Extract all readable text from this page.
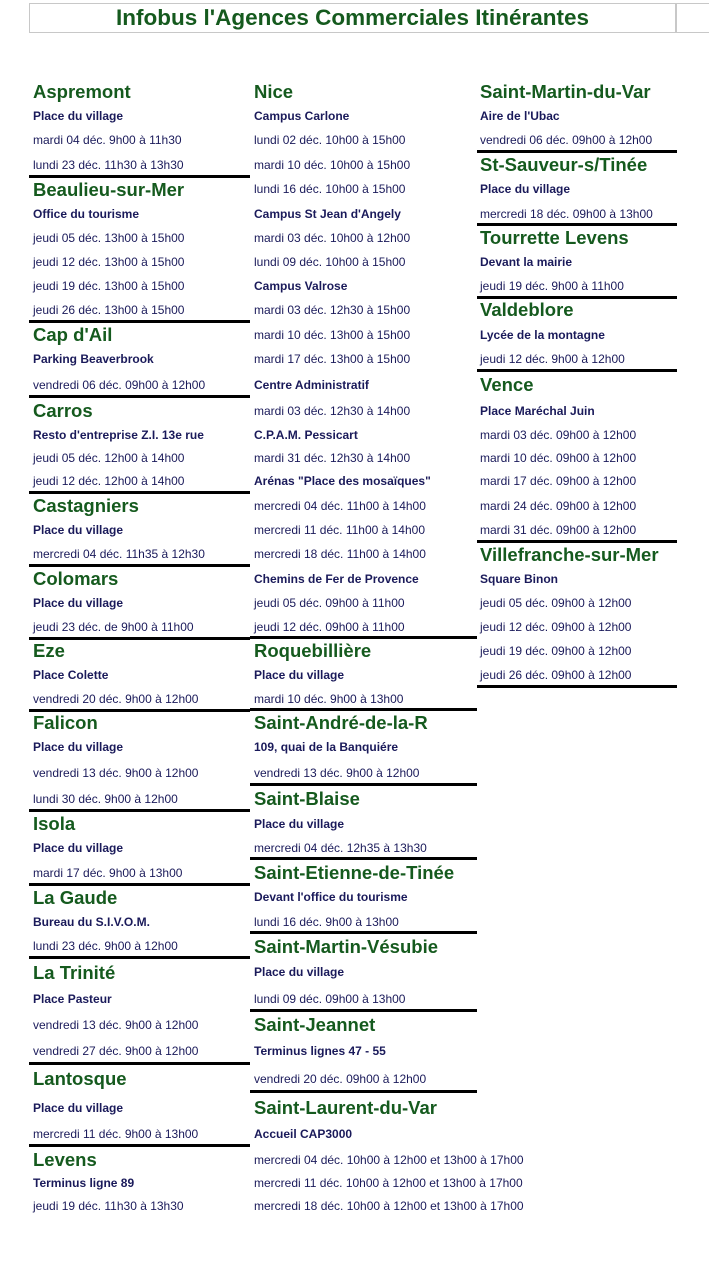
Infobus l'Agences Commerciales Itinérantes
Aspremont
Place du village
mardi 04 déc. 9h00 à 11h30
lundi 23 déc. 11h30 à 13h30
Beaulieu-sur-Mer
Office du tourisme
jeudi 05 déc. 13h00 à 15h00
jeudi 12 déc. 13h00 à 15h00
jeudi 19 déc. 13h00 à 15h00
jeudi 26 déc. 13h00 à 15h00
Cap d'Ail
Parking Beaverbrook
vendredi 06 déc. 09h00 à 12h00
Carros
Resto d'entreprise Z.I. 13e rue
jeudi 05 déc. 12h00 à 14h00
jeudi 12 déc. 12h00 à 14h00
Castagniers
Place du village
mercredi 04 déc. 11h35 à 12h30
Colomars
Place du village
jeudi 23 déc. de 9h00 à 11h00
Eze
Place Colette
vendredi 20 déc. 9h00 à 12h00
Falicon
Place du village
vendredi 13 déc. 9h00 à 12h00
lundi 30 déc. 9h00 à 12h00
Isola
Place du village
mardi 17 déc. 9h00 à 13h00
La Gaude
Bureau du S.I.V.O.M.
lundi 23 déc. 9h00 à 12h00
La Trinité
Place Pasteur
vendredi 13 déc. 9h00 à 12h00
vendredi 27 déc. 9h00 à 12h00
Lantosque
Place du village
mercredi 11 déc. 9h00 à 13h00
Levens
Terminus ligne 89
jeudi 19 déc. 11h30 à 13h30
Nice
Campus Carlone
lundi 02 déc. 10h00 à 15h00
mardi 10 déc. 10h00 à 15h00
lundi 16 déc. 10h00 à 15h00
Campus St Jean d'Angely
mardi 03 déc. 10h00 à 12h00
lundi 09 déc. 10h00 à 15h00
Campus Valrose
mardi 03 déc. 12h30 à 15h00
mardi 10 déc. 13h00 à 15h00
mardi 17 déc. 13h00 à 15h00
Centre Administratif
mardi 03 déc. 12h30 à 14h00
C.P.A.M. Pessicart
mardi 31 déc. 12h30 à 14h00
Arénas "Place des mosaïques"
mercredi 04 déc. 11h00 à 14h00
mercredi 11 déc. 11h00 à 14h00
mercredi 18 déc. 11h00 à 14h00
Chemins de Fer de Provence
jeudi 05 déc. 09h00 à 11h00
jeudi 12 déc. 09h00 à 11h00
Roquebillière
Place du village
mardi 10 déc. 9h00 à 13h00
Saint-André-de-la-R
109, quai de la Banquiére
vendredi 13 déc. 9h00 à 12h00
Saint-Blaise
Place du village
mercredi 04 déc. 12h35 à 13h30
Saint-Etienne-de-Tinée
Devant l'office du tourisme
lundi 16 déc. 9h00 à 13h00
Saint-Martin-Vésubie
Place du village
lundi 09 déc. 09h00 à 13h00
Saint-Jeannet
Terminus lignes 47 - 55
vendredi 20 déc. 09h00 à 12h00
Saint-Laurent-du-Var
Accueil CAP3000
mercredi 04 déc. 10h00 à 12h00 et 13h00 à 17h00
mercredi 11 déc. 10h00 à 12h00 et 13h00 à 17h00
mercredi 18 déc. 10h00 à 12h00 et 13h00 à 17h00
Saint-Martin-du-Var
Aire de l'Ubac
vendredi 06 déc. 09h00 à 12h00
St-Sauveur-s/Tinée
Place du village
mercredi 18 déc. 09h00 à 13h00
Tourrette Levens
Devant la mairie
jeudi 19 déc. 9h00 à 11h00
Valdeblore
Lycée de la montagne
jeudi 12 déc. 9h00 à 12h00
Vence
Place Maréchal Juin
mardi 03 déc. 09h00 à 12h00
mardi 10 déc. 09h00 à 12h00
mardi 17 déc. 09h00 à 12h00
mardi 24 déc. 09h00 à 12h00
mardi 31 déc. 09h00 à 12h00
Villefranche-sur-Mer
Square Binon
jeudi 05 déc. 09h00 à 12h00
jeudi 12 déc. 09h00 à 12h00
jeudi 19 déc. 09h00 à 12h00
jeudi 26 déc. 09h00 à 12h00
